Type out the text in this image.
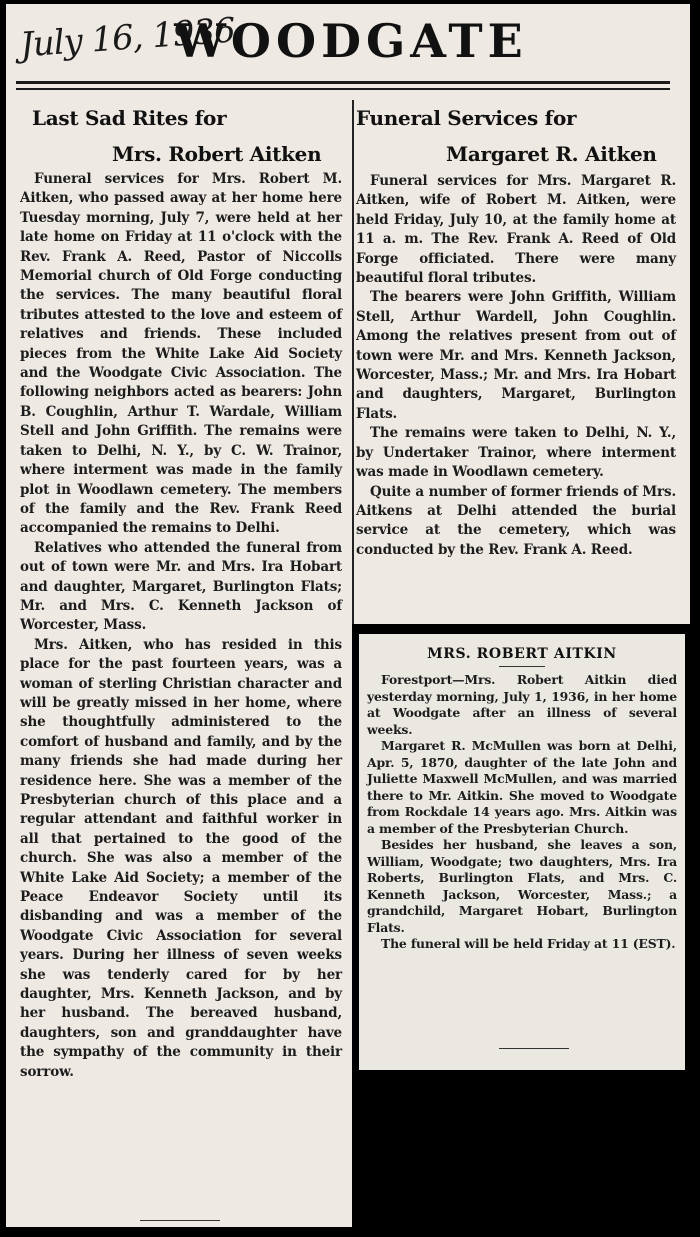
July 16, 1936
WOODGATE
Last Sad Rites for
Mrs. Robert Aitken
Funeral Services for
Margaret R. Aitken

Funeral services for Mrs. Margaret R. Aitken, wife of Robert M. Aitken, were held Friday, July 10, at the family home at 11 a. m. The Rev. Frank A. Reed of Old Forge officiated. There were many beautiful floral tributes.

The bearers were John Griffith, William Stell, Arthur Wardell, John Coughlin. Among the relatives present from out of town were Mr. and Mrs. Kenneth Jackson, Worcester, Mass.; Mr. and Mrs. Ira Hobart and daughters, Margaret, Burlington Flats.

The remains were taken to Delhi, N. Y., by Undertaker Trainor, where interment was made in Woodlawn cemetery.

Quite a number of former friends of Mrs. Aitkens at Delhi attended the burial service at the cemetery, which was conducted by the Rev. Frank A. Reed.

Funeral services for Mrs. Robert M. Aitken, who passed away at her home here Tuesday morning, July 7, were held at her late home on Friday at 11 o'clock with the Rev. Frank A. Reed, Pastor of Niccolls Memorial church of Old Forge conducting the services. The many beautiful floral tributes attested to the love and esteem of relatives and friends. These included pieces from the White Lake Aid Society and the Woodgate Civic Association. The following neighbors acted as bearers: John B. Coughlin, Arthur T. Wardale, William Stell and John Griffith. The remains were taken to Delhi, N. Y., by C. W. Trainor, where interment was made in the family plot in Woodlawn cemetery. The members of the family and the Rev. Frank Reed accompanied the remains to Delhi.

Relatives who attended the funeral from out of town were Mr. and Mrs. Ira Hobart and daughter, Margaret, Burlington Flats; Mr. and Mrs. C. Kenneth Jackson of Worcester, Mass.

Mrs. Aitken, who has resided in this place for the past fourteen years, was a woman of sterling Christian character and will be greatly missed in her home, where she thoughtfully administered to the comfort of husband and family, and by the many friends she had made during her residence here. She was a member of the Presbyterian church of this place and a regular attendant and faithful worker in all that pertained to the good of the church. She was also a member of the White Lake Aid Society; a member of the Peace Endeavor Society until its disbanding and was a member of the Woodgate Civic Association for several years. During her illness of seven weeks she was tenderly cared for by her daughter, Mrs. Kenneth Jackson, and by her husband. The bereaved husband, daughters, son and granddaughter have the sympathy of the community in their sorrow.

MRS. ROBERT AITKIN

Forestport—Mrs. Robert Aitkin died yesterday morning, July 1, 1936, in her home at Woodgate after an illness of several weeks.

Margaret R. McMullen was born at Delhi, Apr. 5, 1870, daughter of the late John and Juliette Maxwell McMullen, and was married there to Mr. Aitkin. She moved to Woodgate from Rockdale 14 years ago. Mrs. Aitkin was a member of the Presbyterian Church.

Besides her husband, she leaves a son, William, Woodgate; two daughters, Mrs. Ira Roberts, Burlington Flats, and Mrs. C. Kenneth Jackson, Worcester, Mass.; a grandchild, Margaret Hobart, Burlington Flats.

The funeral will be held Friday at 11 (EST).
